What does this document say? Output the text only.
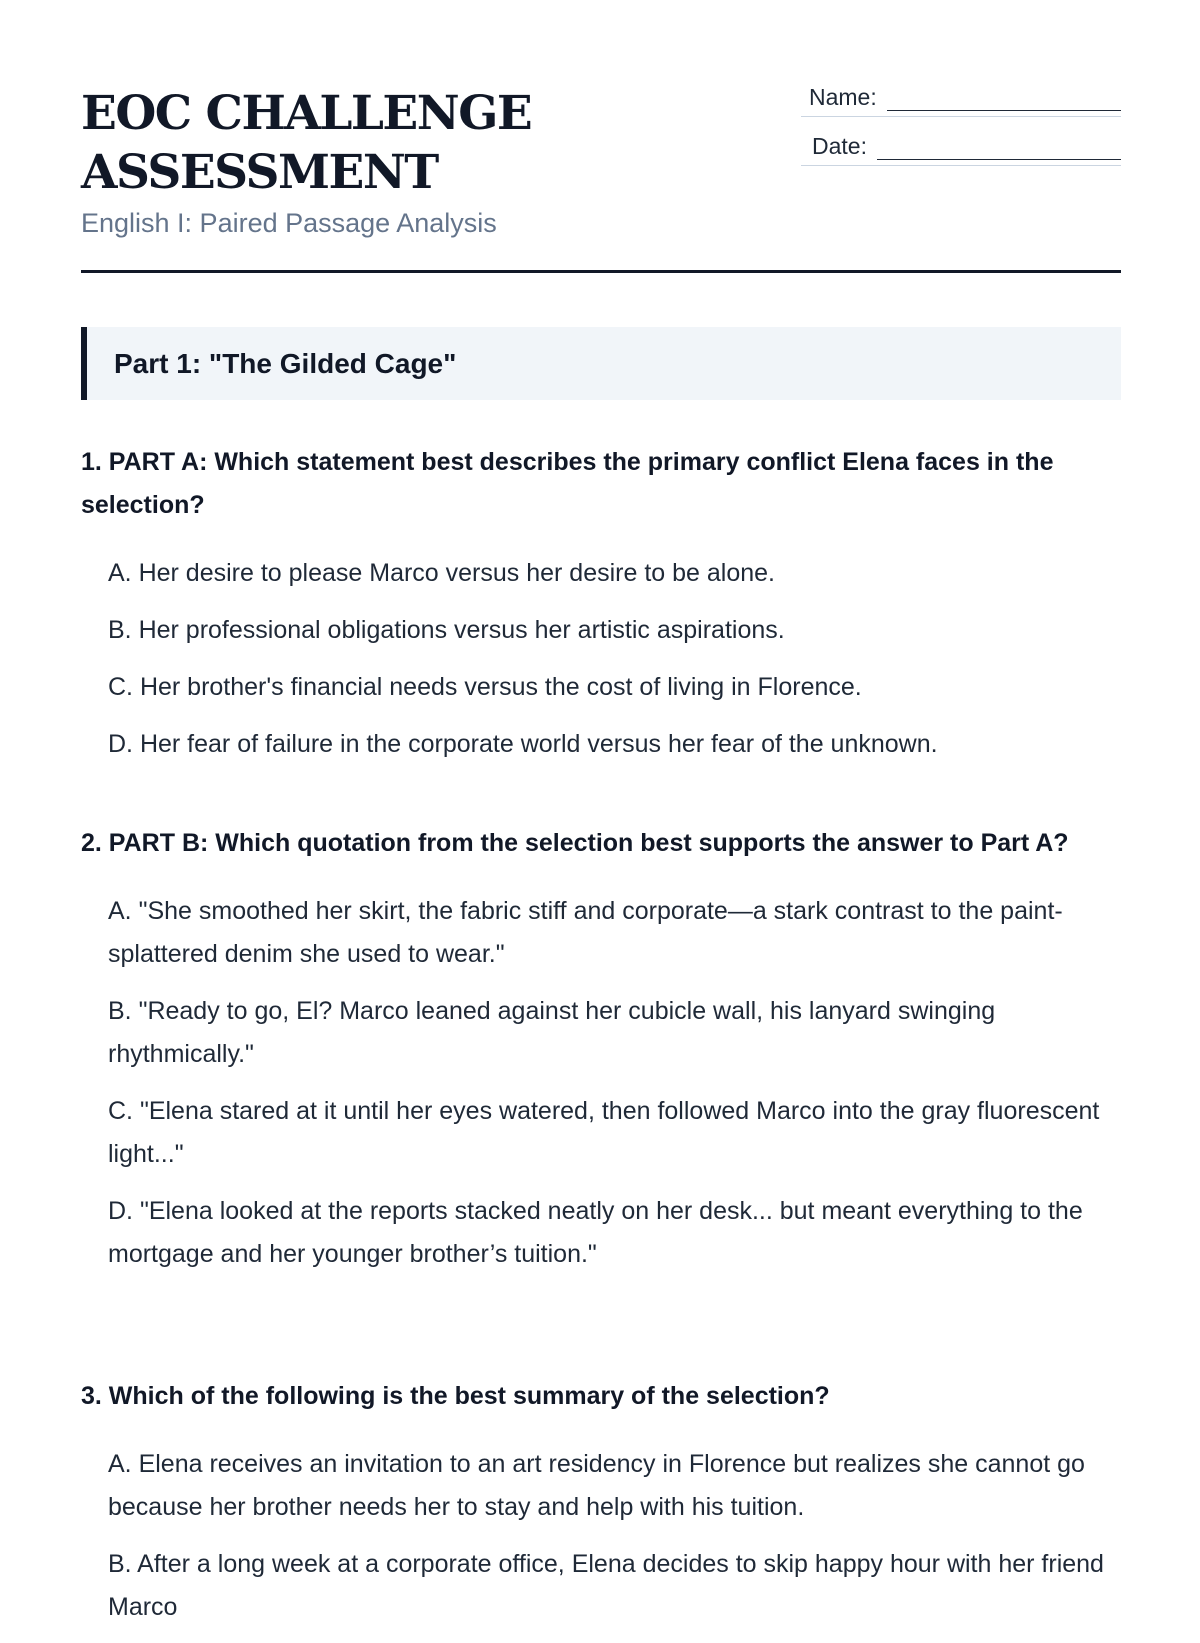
EOC CHALLENGE ASSESSMENT
English I: Paired Passage Analysis
Name:
Date:
Part 1: "The Gilded Cage"

1. PART A: Which statement best describes the primary conflict Elena faces in the selection?

A. Her desire to please Marco versus her desire to be alone.
B. Her professional obligations versus her artistic aspirations.
C. Her brother's financial needs versus the cost of living in Florence.
D. Her fear of failure in the corporate world versus her fear of the unknown.

2. PART B: Which quotation from the selection best supports the answer to Part A?

A. "She smoothed her skirt, the fabric stiff and corporate—a stark contrast to the paint-splattered denim she used to wear."
B. "Ready to go, El? Marco leaned against her cubicle wall, his lanyard swinging rhythmically."
C. "Elena stared at it until her eyes watered, then followed Marco into the gray fluorescent light..."
D. "Elena looked at the reports stacked neatly on her desk... but meant everything to the mortgage and her younger brother’s tuition."

3. Which of the following is the best summary of the selection?

A. Elena receives an invitation to an art residency in Florence but realizes she cannot go because her brother needs her to stay and help with his tuition.
B. After a long week at a corporate office, Elena decides to skip happy hour with her friend Marco
